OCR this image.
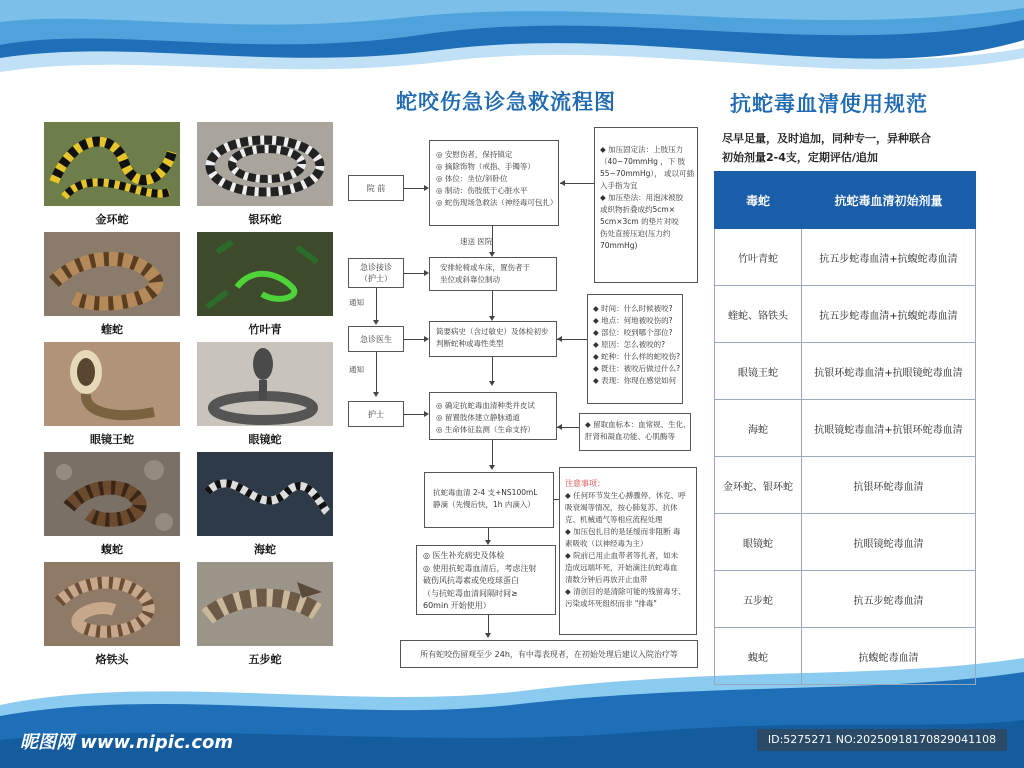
金环蛇	银环蛇
蝰蛇	竹叶青
眼镜王蛇	眼镜蛇
蝮蛇	海蛇
烙铁头	五步蛇
蛇咬伤急诊急救流程图	抗蛇毒血清使用规范
院 前
◎ 安慰伤者，保持镇定
◎ 摘除饰物（戒指、手镯等）
◎ 体位：坐位/斜卧位
◎ 制动：伤肢低于心脏水平
◎ 蛇伤现场急救法（神经毒可包扎）
◆ 加压固定法：上肢压力
（40~70mmHg ，下 肢
55~70mmHg）， 或以可插
入手指为宜
◆ 加压垫法：用泡沫被胶
或织物折叠成约5cm×
5cm×3cm 的垫片对咬
伤处直接压迫(压力约
70mmHg)
速送 医院
急诊接诊
（护士）
安排轮椅或车床，置伤者于
坐位或斜靠位制动
通知
急诊医生
简要病史（含过敏史）及体检初步
判断蛇种或毒性类型
◆ 时间：什么时候被咬?
◆ 地点：何地被咬伤的?
◆ 部位：咬到哪个部位?
◆ 原因：怎么被咬的?
◆ 蛇种：什么样的蛇咬伤?
◆ 既往：被咬后做过什么?
◆ 表现：你现在感觉如何
通知
护士
◎ 确定抗蛇毒血清种类并皮试
◎ 留置肢体建立静脉通道
◎ 生命体征监测（生命支持）
◆ 留取血标本：血常规、生化、
肝肾和凝血功能、心肌酶等
抗蛇毒血清 2-4 支+NS100mL
静滴（先慢后快，1h 内滴入）
注意事项：
◆ 任何环节发生心搏骤停、休克、呼
吸衰竭等情况，按心肺复苏、抗休
克、机械通气等相应流程处理
◆ 加压包扎目的是延缓而非阻断 毒
素吸收（以神经毒为主）
◆ 院前已用止血带者等扎者，如未
造成远端坏死，开始滴注抗蛇毒血
清数分钟后再放开止血带
◆ 清创目的是清除可能的残留毒牙、
污染或坏死组织而非 "排毒"
◎ 医生补充病史及体检
◎ 使用抗蛇毒血清后，考虑注射
破伤风抗毒素或免疫球蛋白
（与抗蛇毒血清间隔时间≥
60min 开始使用）
所有蛇咬伤留观至少 24h，有中毒表现者，在初始处理后建议入院治疗等
尽早足量，及时追加，同种专一，异种联合
初始剂量2-4支，定期评估/追加
毒蛇	抗蛇毒血清初始剂量
竹叶青蛇	抗五步蛇毒血清+抗蝮蛇毒血清
蝰蛇、铬铁头	抗五步蛇毒血清+抗蝮蛇毒血清
眼镜王蛇	抗银环蛇毒血清+抗眼镜蛇毒血清
海蛇	抗眼镜蛇毒血清+抗银环蛇毒血清
金环蛇、银环蛇	抗银环蛇毒血清
眼镜蛇	抗眼镜蛇毒血清
五步蛇	抗五步蛇毒血清
蝮蛇	抗蝮蛇毒血清
昵图网 www.nipic.com	ID:5275271 NO:20250918170829041108
